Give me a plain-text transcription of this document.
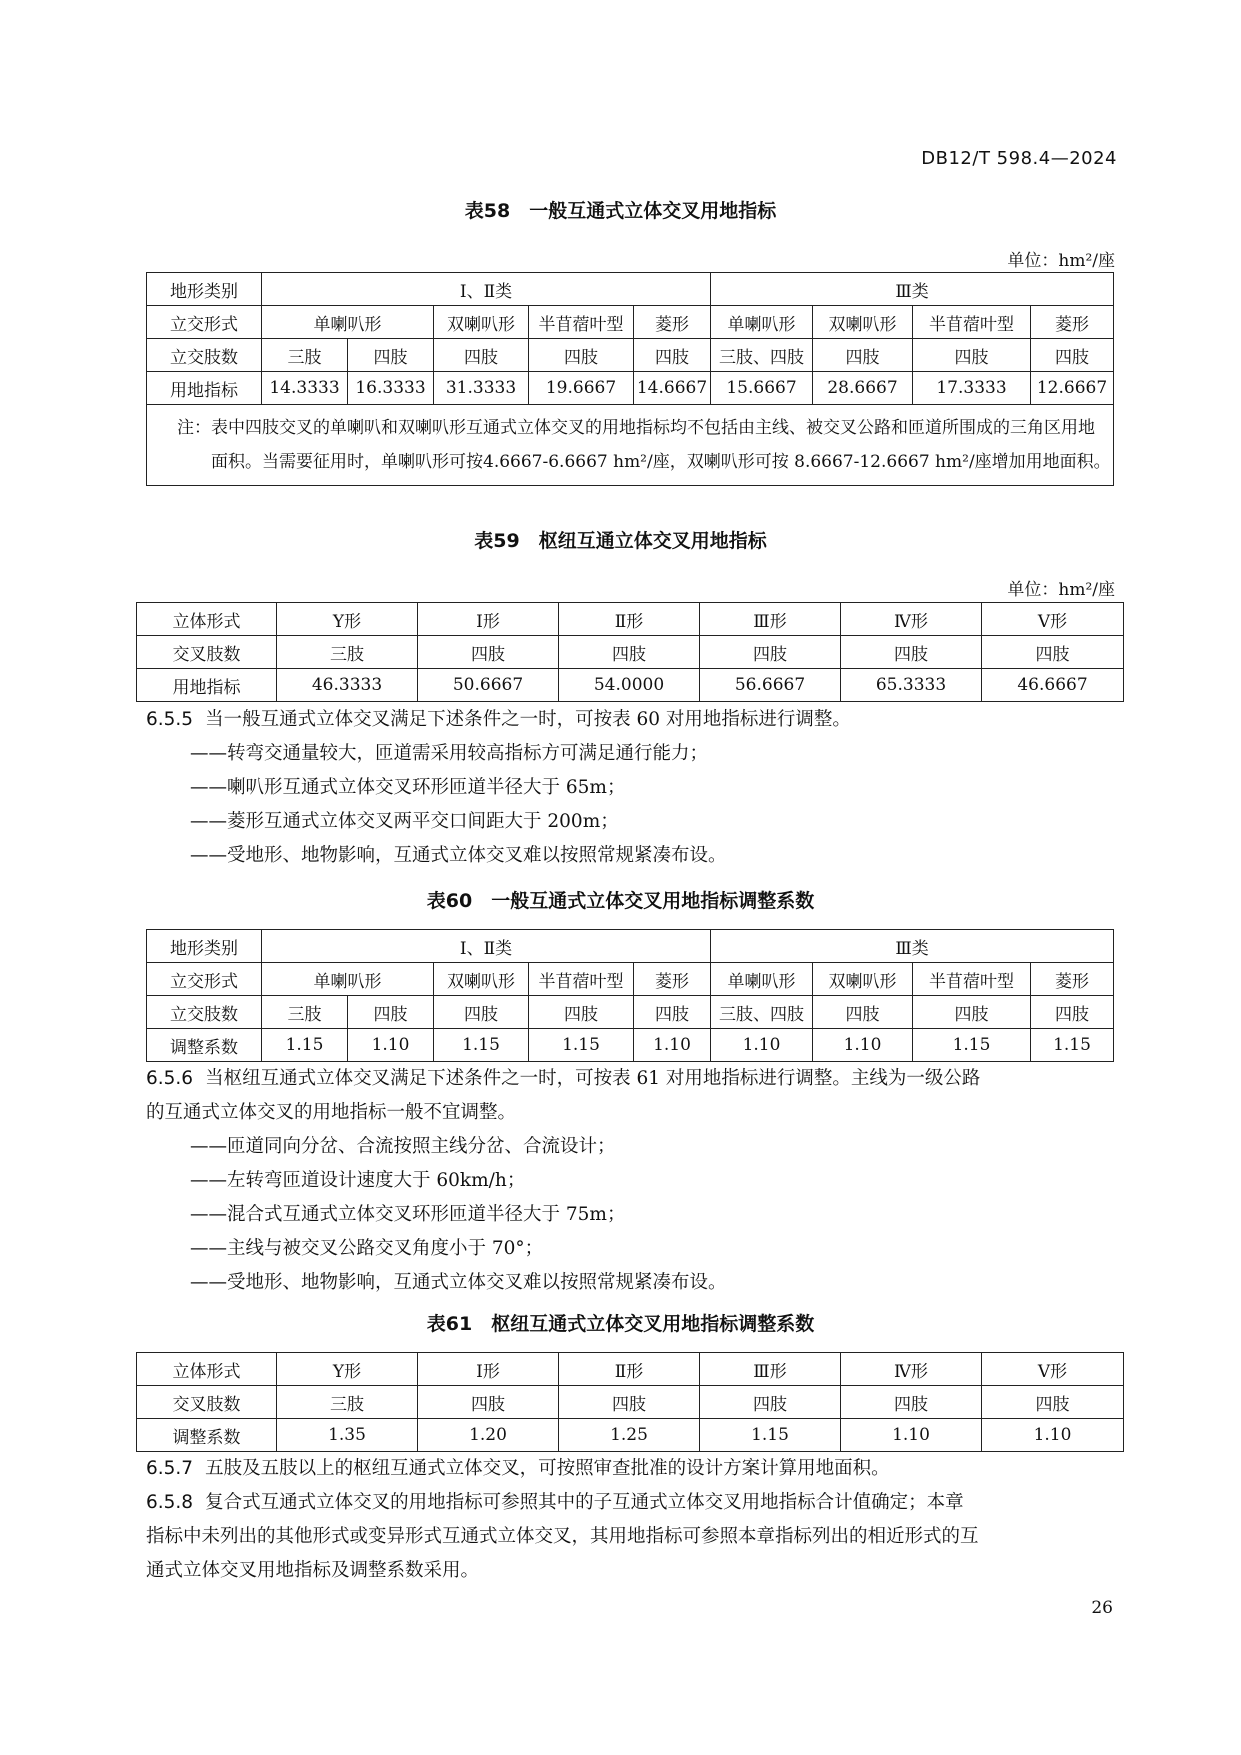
DB12/T 598.4—2024
表58　一般互通式立体交叉用地指标
单位：hm²/座
地形类别	Ⅰ、Ⅱ类					Ⅲ类			
立交形式	单喇叭形		双喇叭形	半苜蓿叶型	菱形	单喇叭形	双喇叭形	半苜蓿叶型	菱形
立交肢数	三肢	四肢	四肢	四肢	四肢	三肢、四肢	四肢	四肢	四肢
用地指标	14.3333	16.3333	31.3333	19.6667	14.6667	15.6667	28.6667	17.3333	12.6667

注： 表中四肢交叉的单喇叭和双喇叭形互通式立体交叉的用地指标均不包括由主线、被交叉公路和匝道所围成的三角区用地面积。当需要征用时，单喇叭形可按4.6667-6.6667 hm²/座，双喇叭形可按 8.6667-12.6667 hm²/座增加用地面积。									
表59　枢纽互通立体交叉用地指标
单位：hm²/座
立体形式	Y形	Ⅰ形	Ⅱ形	Ⅲ形	Ⅳ形	Ⅴ形
交叉肢数	三肢	四肢	四肢	四肢	四肢	四肢
用地指标	46.3333	50.6667	54.0000	56.6667	65.3333	46.6667
6.5.5 当一般互通式立体交叉满足下述条件之一时，可按表 60 对用地指标进行调整。
——转弯交通量较大，匝道需采用较高指标方可满足通行能力；
——喇叭形互通式立体交叉环形匝道半径大于 65m；
——菱形互通式立体交叉两平交口间距大于 200m；
——受地形、地物影响，互通式立体交叉难以按照常规紧凑布设。
表60　一般互通式立体交叉用地指标调整系数
地形类别	Ⅰ、Ⅱ类					Ⅲ类			
立交形式	单喇叭形		双喇叭形	半苜蓿叶型	菱形	单喇叭形	双喇叭形	半苜蓿叶型	菱形
立交肢数	三肢	四肢	四肢	四肢	四肢	三肢、四肢	四肢	四肢	四肢
调整系数	1.15	1.10	1.15	1.15	1.10	1.10	1.10	1.15	1.15
6.5.6 当枢纽互通式立体交叉满足下述条件之一时，可按表 61 对用地指标进行调整。主线为一级公路
的互通式立体交叉的用地指标一般不宜调整。
——匝道同向分岔、合流按照主线分岔、合流设计；
——左转弯匝道设计速度大于 60km/h；
——混合式互通式立体交叉环形匝道半径大于 75m；
——主线与被交叉公路交叉角度小于 70°；
——受地形、地物影响，互通式立体交叉难以按照常规紧凑布设。
表61　枢纽互通式立体交叉用地指标调整系数
立体形式	Y形	Ⅰ形	Ⅱ形	Ⅲ形	Ⅳ形	Ⅴ形
交叉肢数	三肢	四肢	四肢	四肢	四肢	四肢
调整系数	1.35	1.20	1.25	1.15	1.10	1.10
6.5.7 五肢及五肢以上的枢纽互通式立体交叉，可按照审查批准的设计方案计算用地面积。
6.5.8 复合式互通式立体交叉的用地指标可参照其中的子互通式立体交叉用地指标合计值确定；本章
指标中未列出的其他形式或变异形式互通式立体交叉，其用地指标可参照本章指标列出的相近形式的互
通式立体交叉用地指标及调整系数采用。
26
